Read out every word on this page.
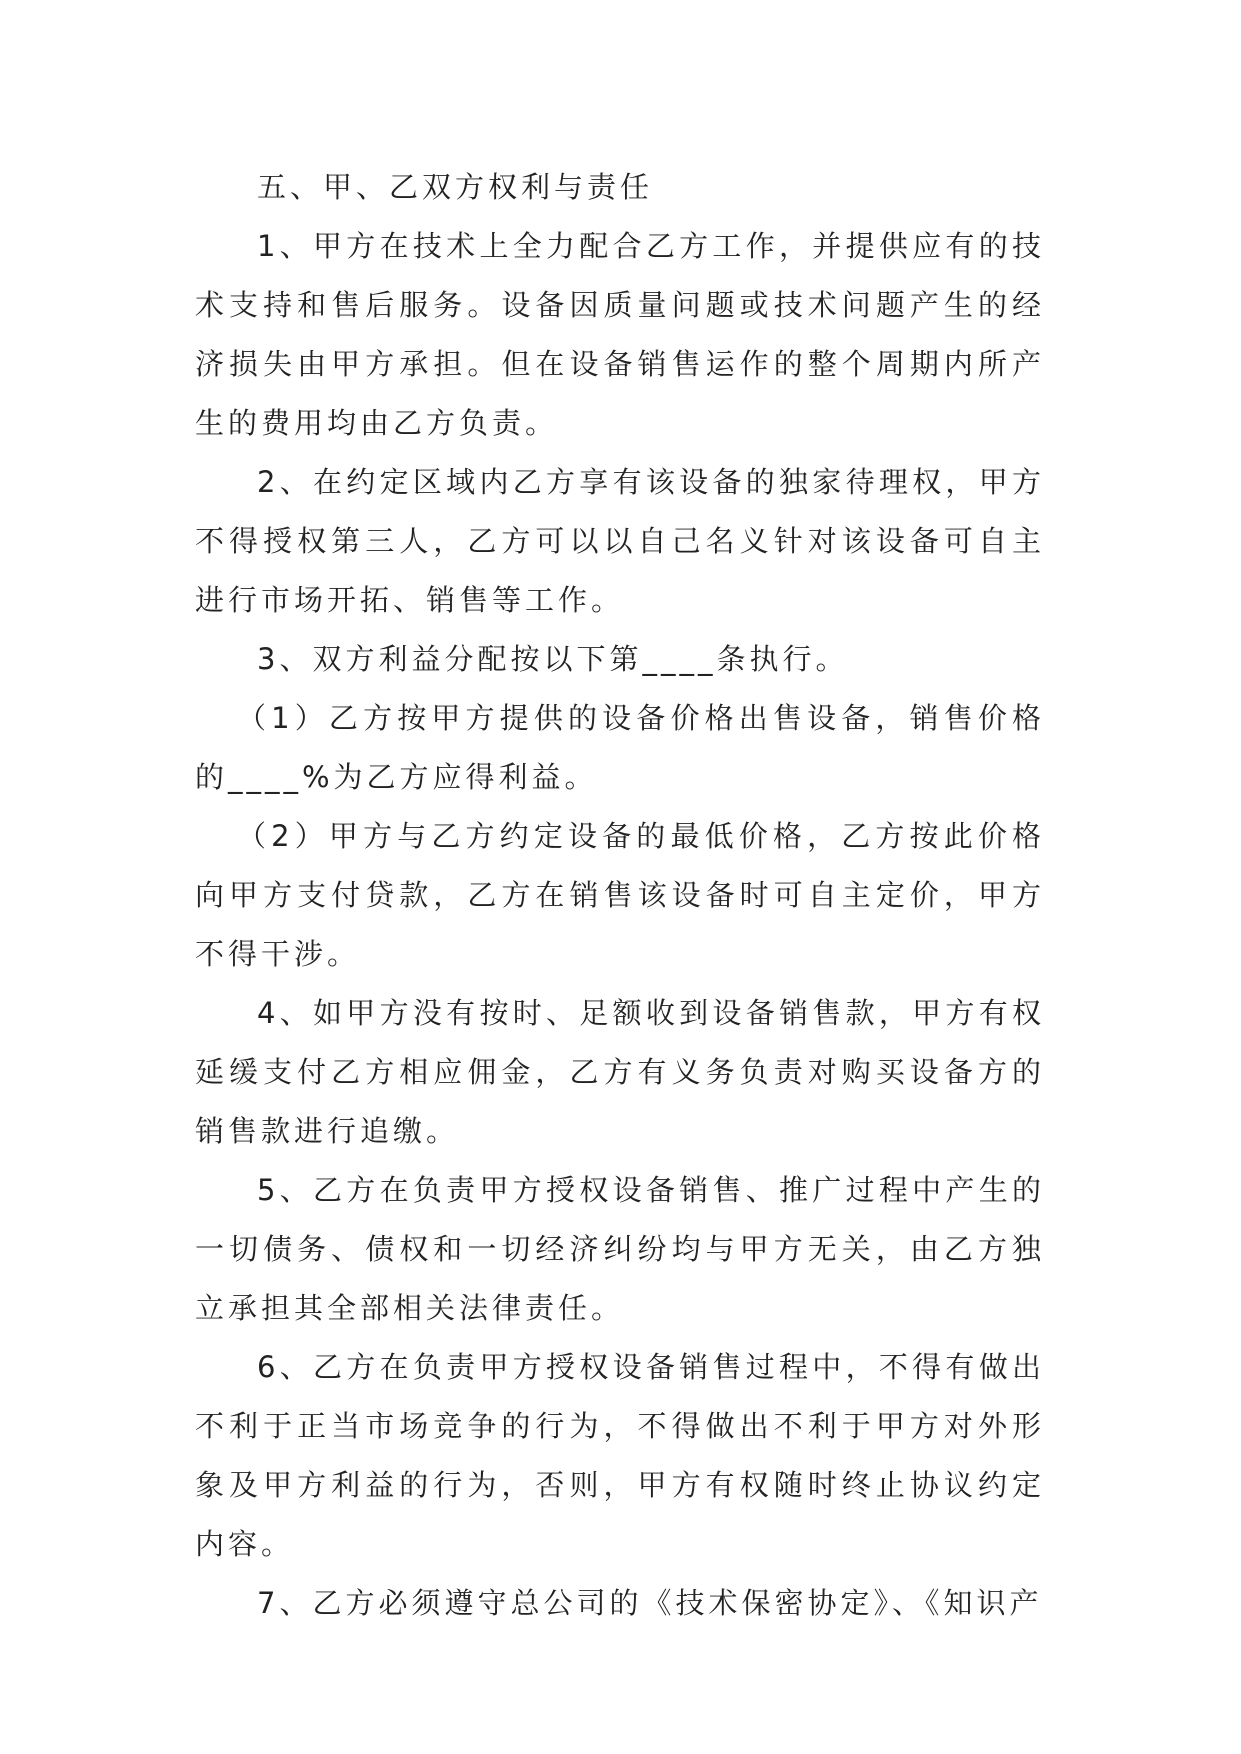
五、甲、乙双方权利与责任

1、甲方在技术上全力配合乙方工作，并提供应有的技术支持和售后服务。设备因质量问题或技术问题产生的经济损失由甲方承担。但在设备销售运作的整个周期内所产生的费用均由乙方负责。

2、在约定区域内乙方享有该设备的独家待理权，甲方不得授权第三人，乙方可以以自己名义针对该设备可自主进行市场开拓、销售等工作。

3、双方利益分配按以下第____条执行。

（1）乙方按甲方提供的设备价格出售设备，销售价格的____%为乙方应得利益。

（2）甲方与乙方约定设备的最低价格，乙方按此价格向甲方支付贷款，乙方在销售该设备时可自主定价，甲方不得干涉。

4、如甲方没有按时、足额收到设备销售款，甲方有权延缓支付乙方相应佣金，乙方有义务负责对购买设备方的销售款进行追缴。

5、乙方在负责甲方授权设备销售、推广过程中产生的一切债务、债权和一切经济纠纷均与甲方无关，由乙方独立承担其全部相关法律责任。

6、乙方在负责甲方授权设备销售过程中，不得有做出不利于正当市场竞争的行为，不得做出不利于甲方对外形象及甲方利益的行为，否则，甲方有权随时终止协议约定内容。

7、乙方必须遵守总公司的《技术保密协定》、《知识产
